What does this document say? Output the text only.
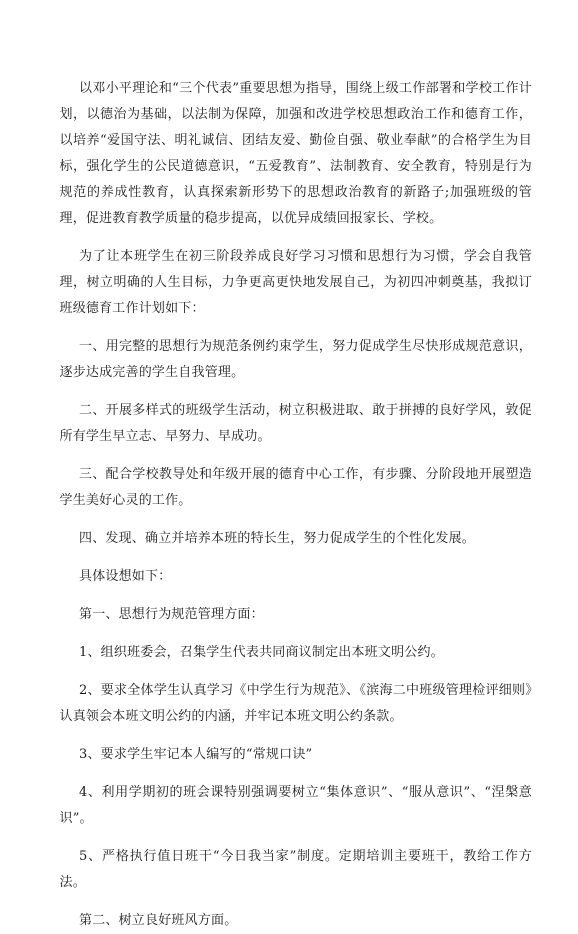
以邓小平理论和“三个代表”重要思想为指导，围绕上级工作部署和学校工作计划，以德治为基础，以法制为保障，加强和改进学校思想政治工作和德育工作，以培养“爱国守法、明礼诚信、团结友爱、勤俭自强、敬业奉献”的合格学生为目标，强化学生的公民道德意识，“五爱教育”、法制教育、安全教育，特别是行为规范的养成性教育，认真探索新形势下的思想政治教育的新路子;加强班级的管理，促进教育教学质量的稳步提高，以优异成绩回报家长、学校。

为了让本班学生在初三阶段养成良好学习习惯和思想行为习惯，学会自我管理，树立明确的人生目标，力争更高更快地发展自己，为初四冲刺奠基，我拟订班级德育工作计划如下：

一、用完整的思想行为规范条例约束学生，努力促成学生尽快形成规范意识，逐步达成完善的学生自我管理。

二、开展多样式的班级学生活动，树立积极进取、敢于拼搏的良好学风，敦促所有学生早立志、早努力、早成功。

三、配合学校教导处和年级开展的德育中心工作，有步骤、分阶段地开展塑造学生美好心灵的工作。

四、发现、确立并培养本班的特长生，努力促成学生的个性化发展。

具体设想如下：

第一、思想行为规范管理方面：

1、组织班委会，召集学生代表共同商议制定出本班文明公约。

2、要求全体学生认真学习《中学生行为规范》、《滨海二中班级管理检评细则》认真领会本班文明公约的内涵，并牢记本班文明公约条款。

3、要求学生牢记本人编写的“常规口诀”

4、利用学期初的班会课特别强调要树立“集体意识”、“服从意识”、“涅槃意识”。

5、严格执行值日班干“今日我当家”制度。定期培训主要班干，教给工作方法。

第二、树立良好班风方面。
